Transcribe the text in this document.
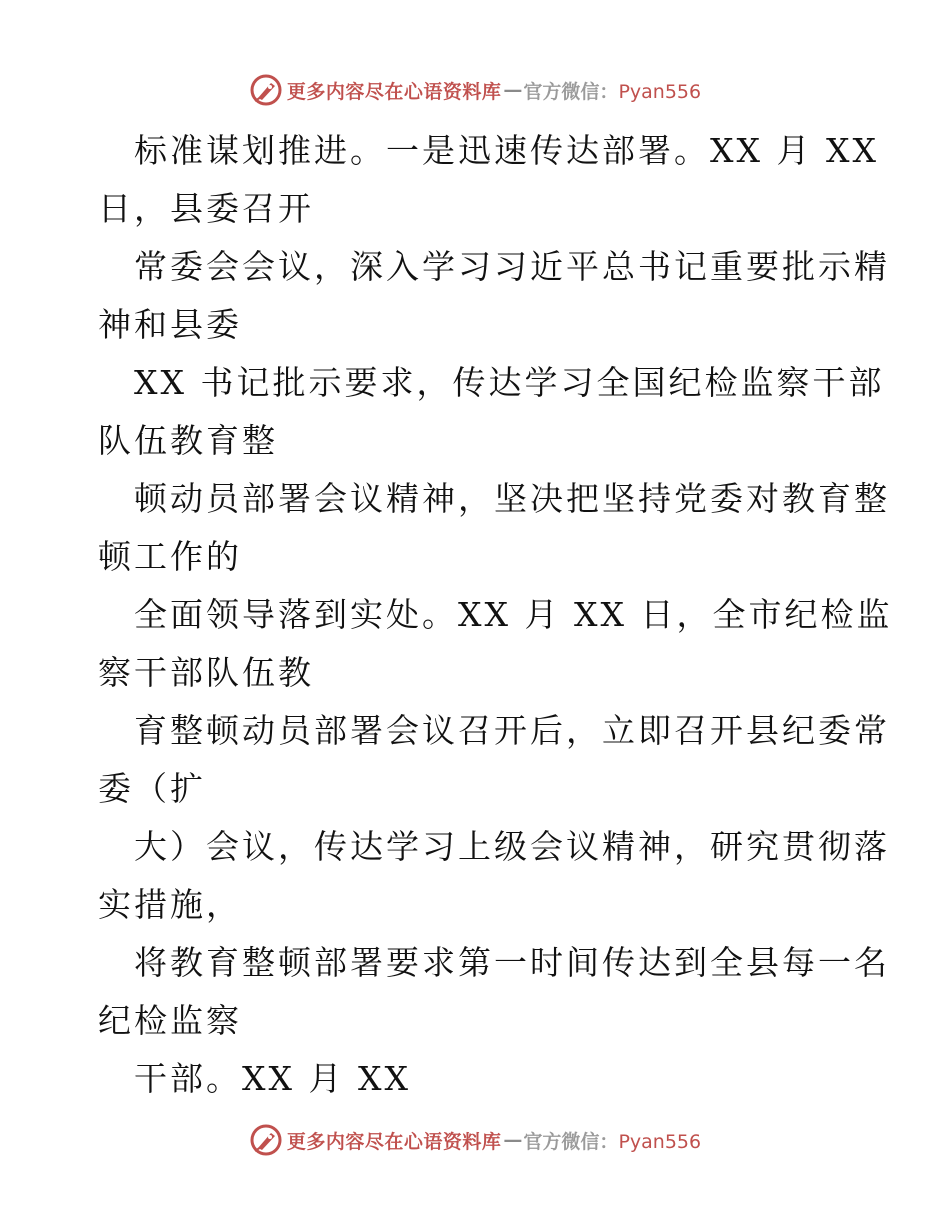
更多内容尽在心语资料库 — 官方微信：Pyan556
标准谋划推进。一是迅速传达部署。XX 月 XX
日，县委召开
常委会会议，深入学习习近平总书记重要批示精
神和县委
XX 书记批示要求，传达学习全国纪检监察干部
队伍教育整
顿动员部署会议精神，坚决把坚持党委对教育整
顿工作的
全面领导落到实处。XX 月 XX 日，全市纪检监
察干部队伍教
育整顿动员部署会议召开后，立即召开县纪委常
委（扩
大）会议，传达学习上级会议精神，研究贯彻落
实措施，
将教育整顿部署要求第一时间传达到全县每一名
纪检监察
干部。XX 月 XX
更多内容尽在心语资料库 — 官方微信：Pyan556
